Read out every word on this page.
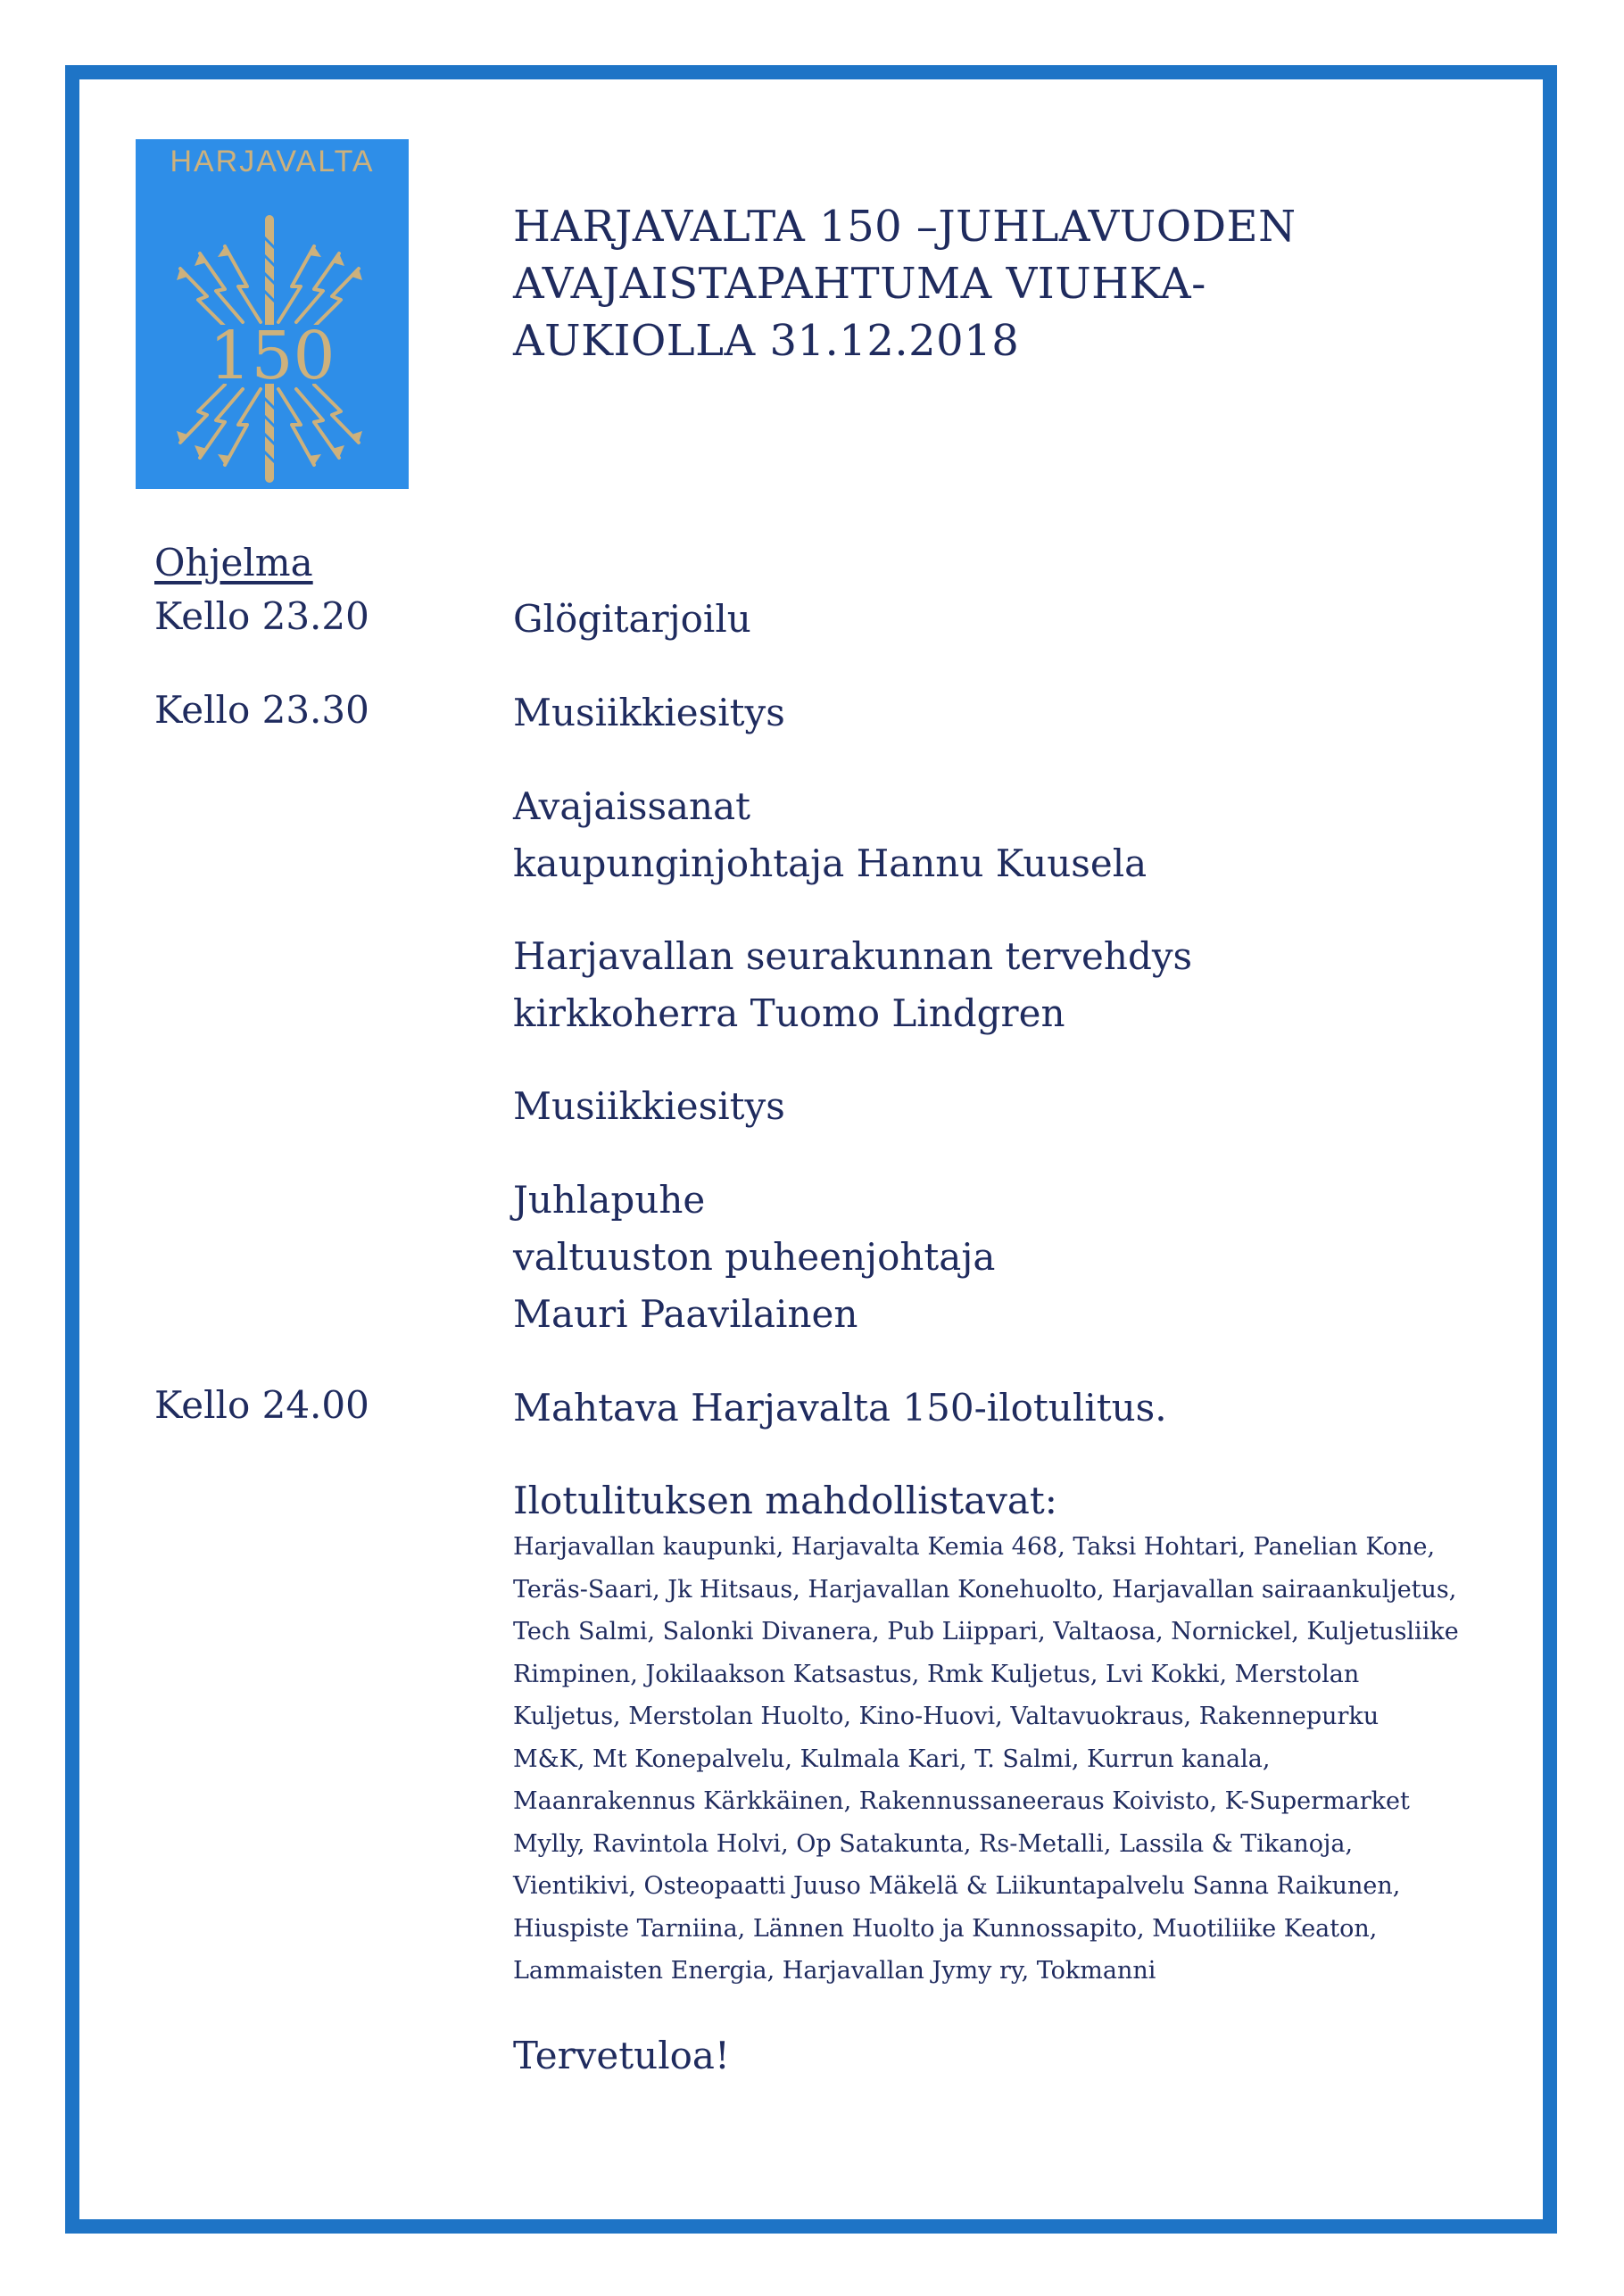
HARJAVALTA
150
HARJAVALTA 150 –JUHLAVUODEN
AVAJAISTAPAHTUMA VIUHKA-
AUKIOLLA 31.12.2018
Ohjelma
Kello 23.20
Kello 23.30
Kello 24.00
Glögitarjoilu
Musiikkiesitys
Avajaissanat
kaupunginjohtaja Hannu Kuusela
Harjavallan seurakunnan tervehdys
kirkkoherra Tuomo Lindgren
Musiikkiesitys
Juhlapuhe
valtuuston puheenjohtaja
Mauri Paavilainen
Mahtava Harjavalta 150-ilotulitus.
Ilotulituksen mahdollistavat:
Harjavallan kaupunki, Harjavalta Kemia 468, Taksi Hohtari, Panelian Kone,
Teräs-Saari, Jk Hitsaus, Harjavallan Konehuolto, Harjavallan sairaankuljetus,
Tech Salmi, Salonki Divanera, Pub Liippari, Valtaosa, Nornickel, Kuljetusliike
Rimpinen, Jokilaakson Katsastus, Rmk Kuljetus, Lvi Kokki, Merstolan
Kuljetus, Merstolan Huolto, Kino-Huovi, Valtavuokraus, Rakennepurku
M&K, Mt Konepalvelu, Kulmala Kari, T. Salmi, Kurrun kanala,
Maanrakennus Kärkkäinen, Rakennussaneeraus Koivisto, K-Supermarket
Mylly, Ravintola Holvi, Op Satakunta, Rs-Metalli, Lassila & Tikanoja,
Vientikivi, Osteopaatti Juuso Mäkelä & Liikuntapalvelu Sanna Raikunen,
Hiuspiste Tarniina, Lännen Huolto ja Kunnossapito, Muotiliike Keaton,
Lammaisten Energia, Harjavallan Jymy ry, Tokmanni
Tervetuloa!
